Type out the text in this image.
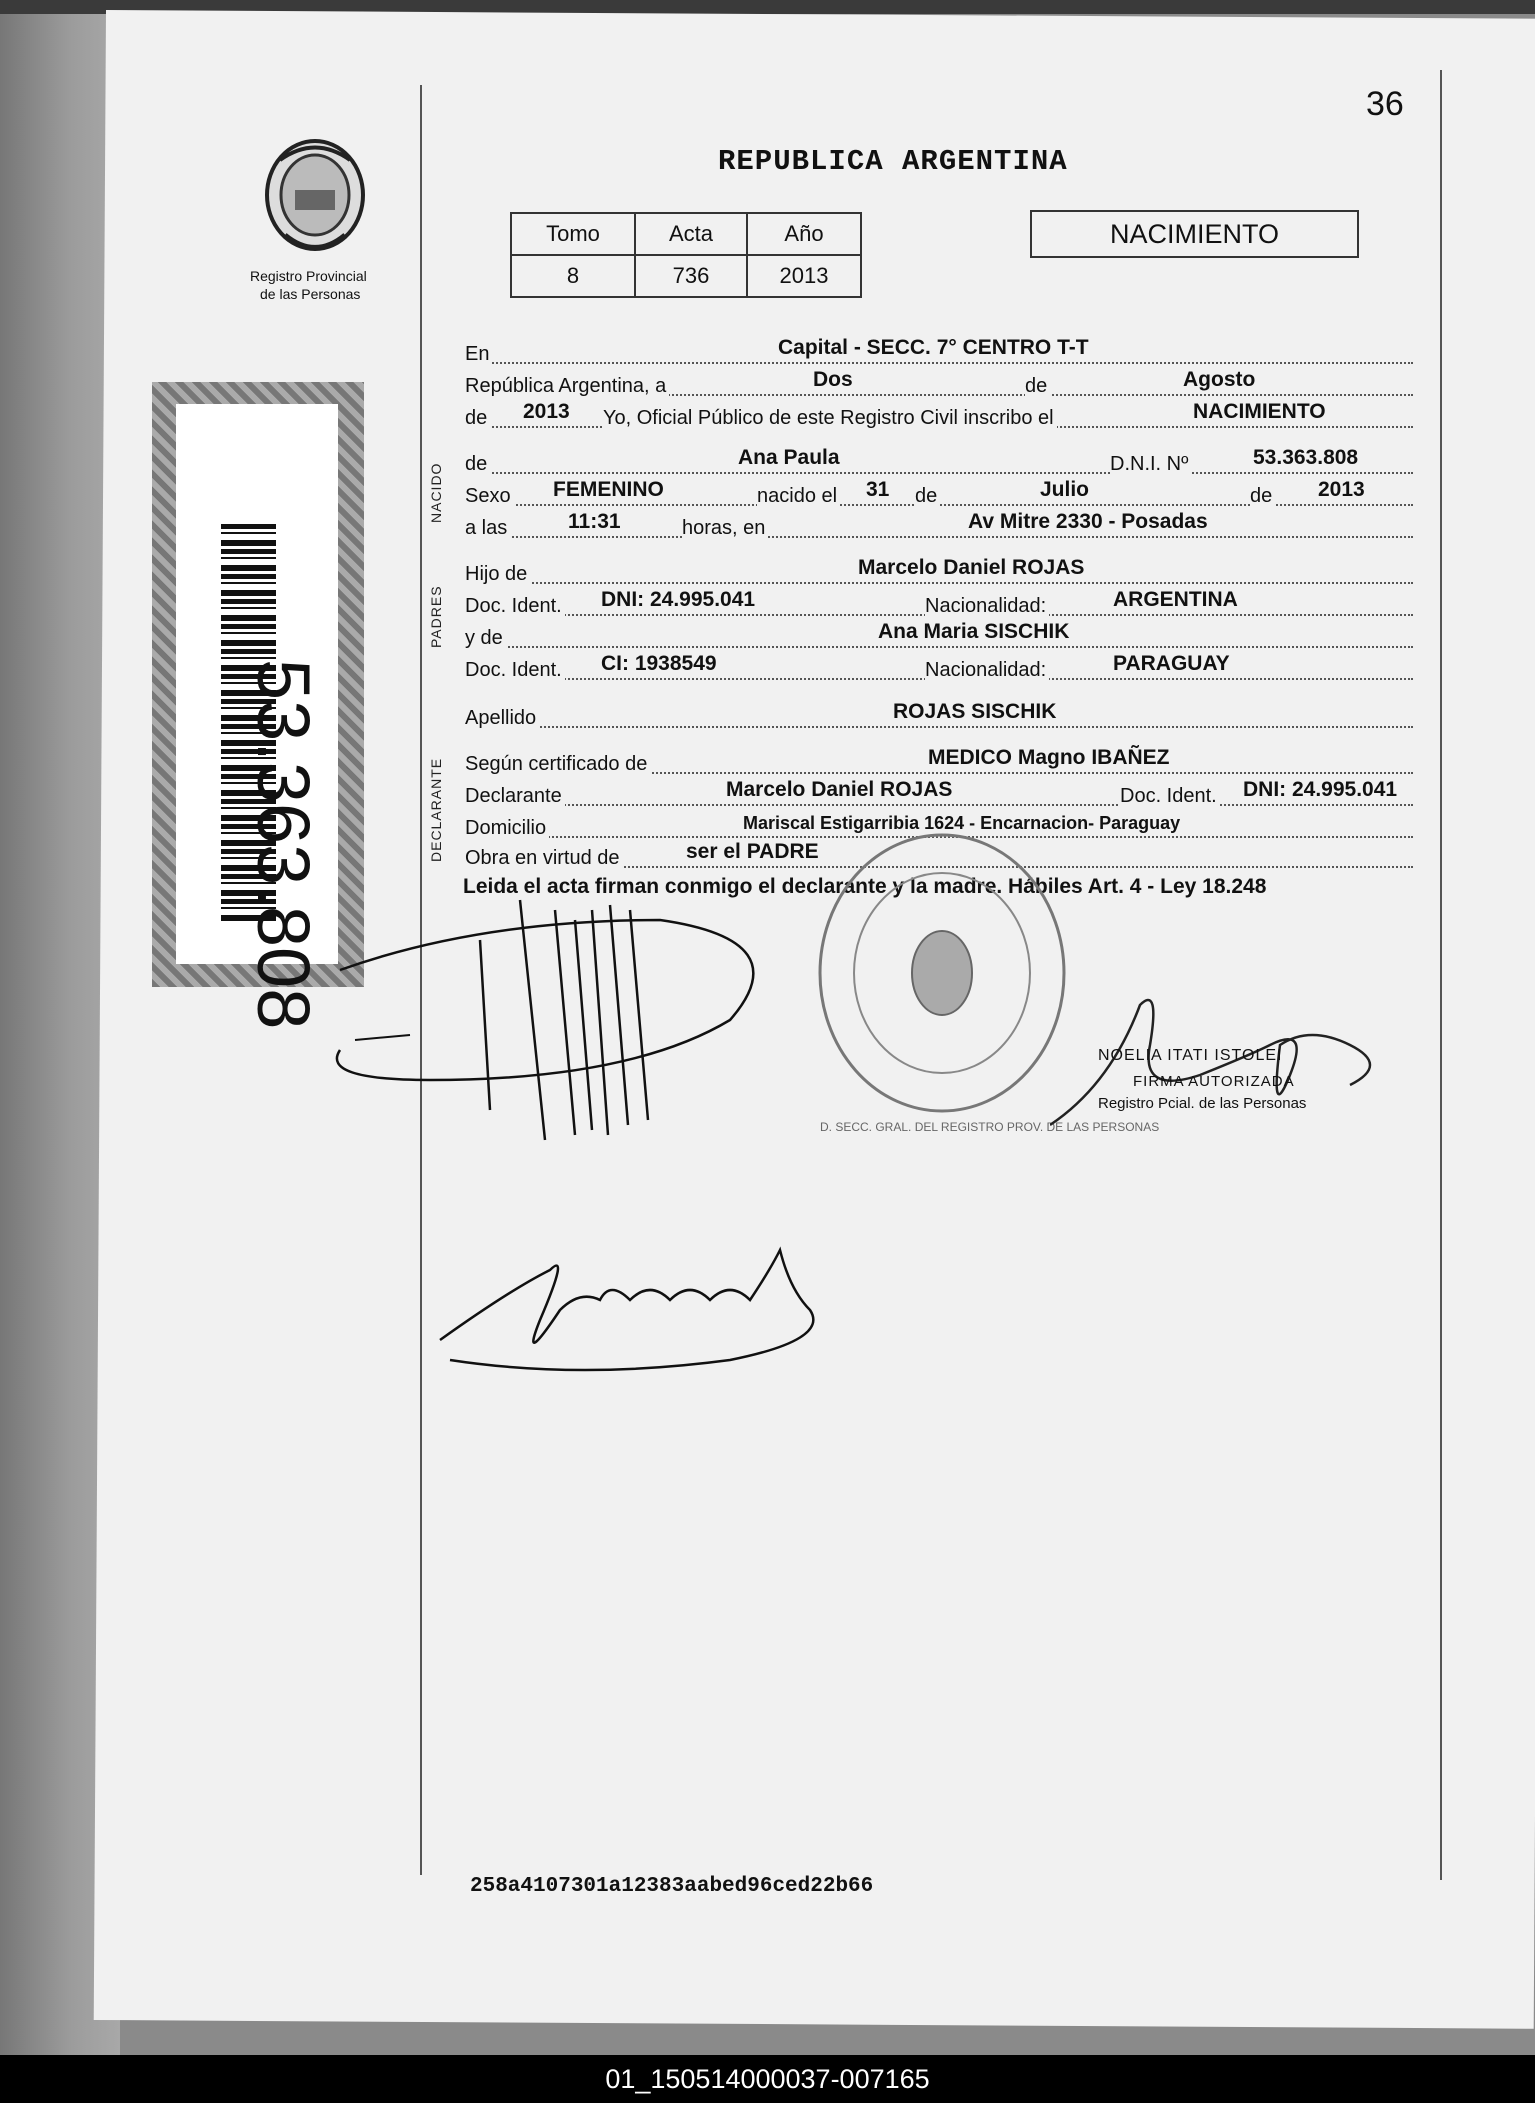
36
REPUBLICA ARGENTINA
Registro Provincial
de las Personas
Tomo	Acta	Año
8	736	2013
NACIMIENTO
53.363.808
NACIDO
PADRES
DECLARANTE
En	Capital - SECC. 7° CENTRO T-T
República Argentina, a	Dos	de	Agosto
de 2013 Yo, Oficial Público de este Registro Civil inscribo el	NACIMIENTO
de	Ana Paula	D.N.I. Nº	53.363.808
Sexo FEMENINO	nacido el 31 de	Julio	de 2013
a las	11:31	horas, en	Av Mitre 2330 - Posadas
Hijo de	Marcelo Daniel ROJAS
Doc. Ident. DNI: 24.995.041	Nacionalidad:	ARGENTINA
y de	Ana Maria SISCHIK
Doc. Ident. CI: 1938549	Nacionalidad:	PARAGUAY
Apellido	ROJAS SISCHIK
Según certificado de	MEDICO Magno IBAÑEZ
Declarante	Marcelo Daniel ROJAS	Doc. Ident. DNI: 24.995.041
Domicilio	Mariscal Estigarribia 1624 - Encarnacion- Paraguay
Obra en virtud de	ser el PADRE
Leida el acta firman conmigo el declarante y la madre. Hábiles Art. 4 - Ley 18.248
D. SECC. GRAL. DEL REGISTRO PROV. DE LAS PERSONAS
NOELIA ITATI ISTOLEI
FIRMA AUTORIZADA
Registro Pcial. de las Personas
258a4107301a12383aabed96ced22b66
01_150514000037-007165
